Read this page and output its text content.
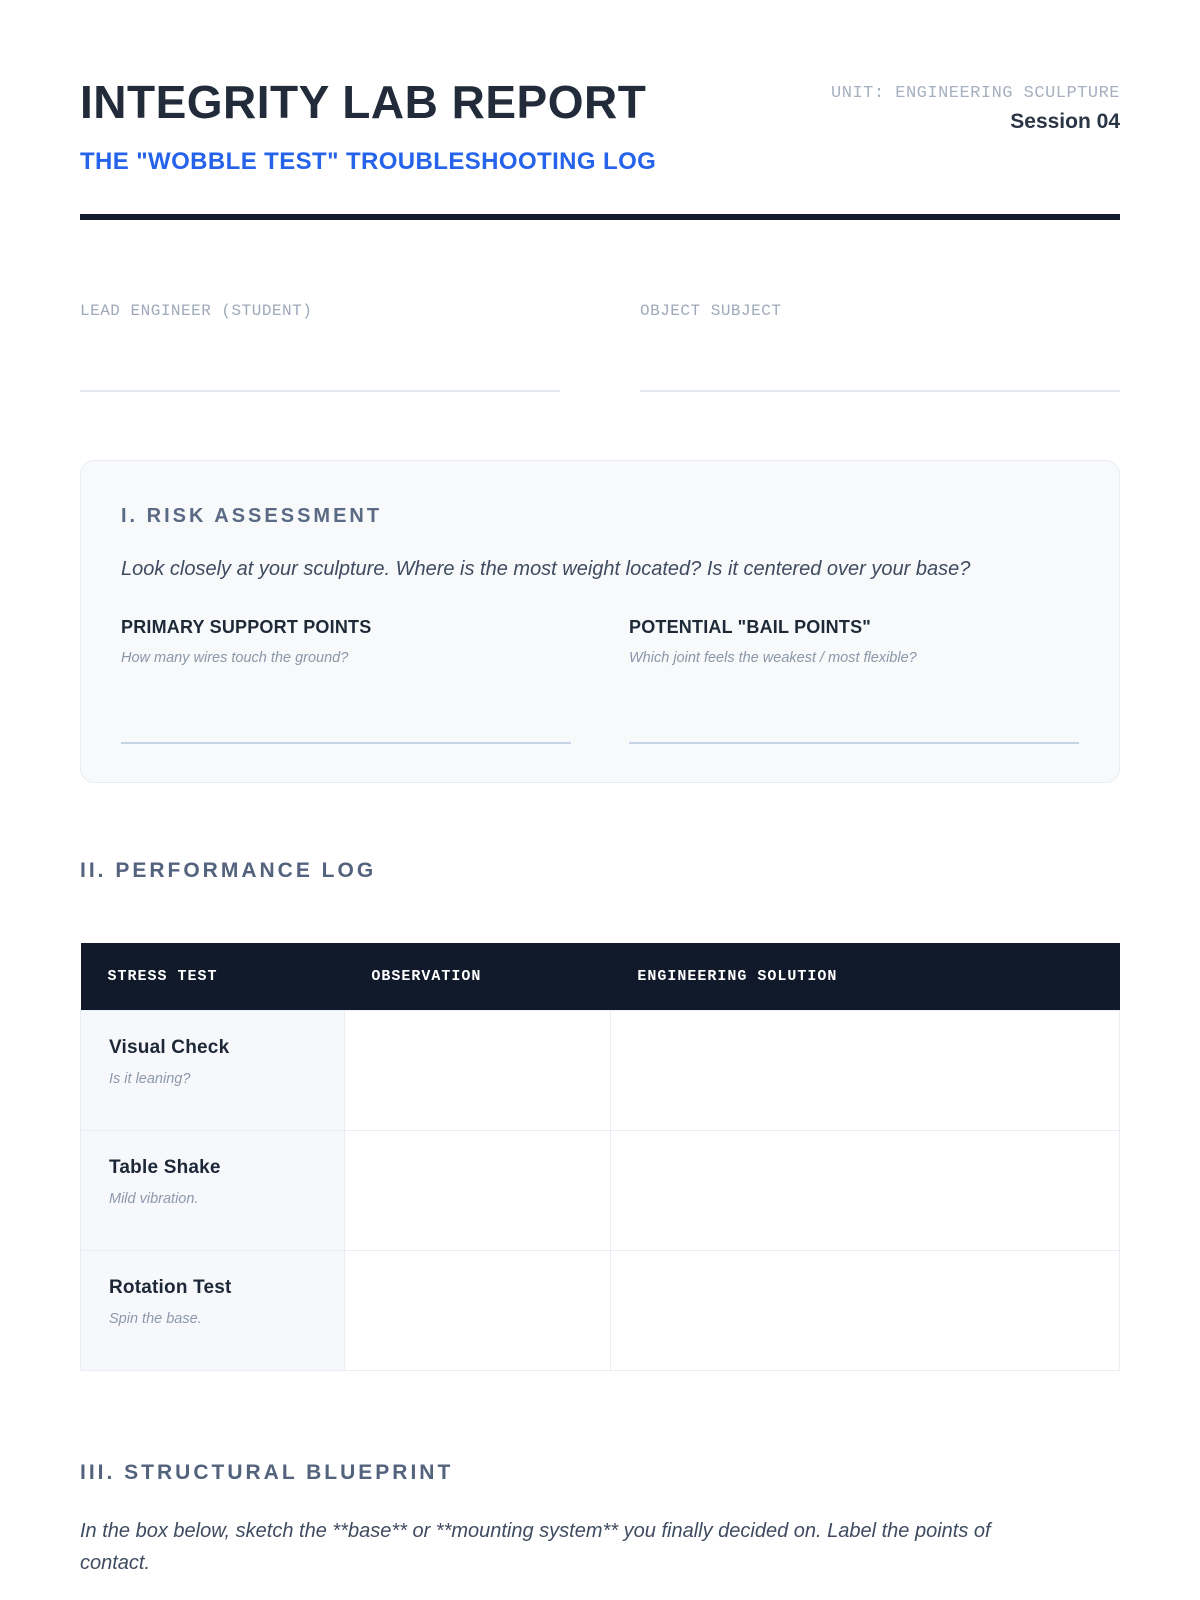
INTEGRITY LAB REPORT	UNIT: ENGINEERING SCULPTURE
Session 04
THE "WOBBLE TEST" TROUBLESHOOTING LOG
LEAD ENGINEER (STUDENT)	OBJECT SUBJECT
I. RISK ASSESSMENT
Look closely at your sculpture. Where is the most weight located? Is it centered over your base?
PRIMARY SUPPORT POINTS
How many wires touch the ground?
POTENTIAL "BAIL POINTS"
Which joint feels the weakest / most flexible?
II. PERFORMANCE LOG
STRESS TEST	OBSERVATION	ENGINEERING SOLUTION

Visual Check
Is it leaning?		

Table Shake
Mild vibration.		

Rotation Test
Spin the base.		

III. STRUCTURAL BLUEPRINT
In the box below, sketch the **base** or **mounting system** you finally decided on. Label the points of contact.
